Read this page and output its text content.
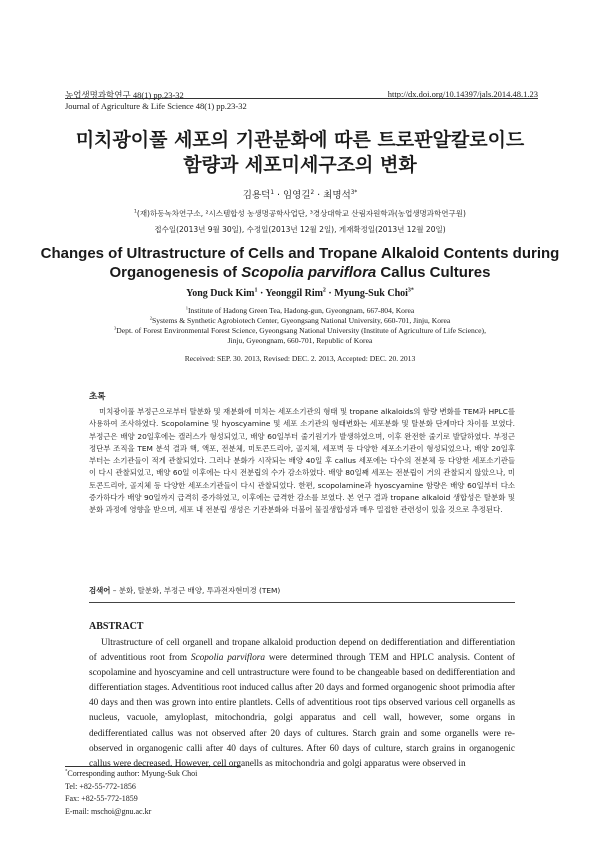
농업생명과학연구 48(1) pp.23-32	http://dx.doi.org/10.14397/jals.2014.48.1.23
Journal of Agriculture & Life Science 48(1) pp.23-32
미치광이풀 세포의 기관분화에 따른 트로판알칼로이드
함량과 세포미세구조의 변화
김용덕$^1$ · 임영길$^2$ · 최명석$^{3*}$
$^1$(재)하동녹차연구소, ²시스템합성 농생명공학사업단, ³경상대학교 산림자원학과(농업생명과학연구원)
접수일(2013년 9월 30일), 수정일(2013년 12월 2일), 게재확정일(2013년 12월 20일)
Changes of Ultrastructure of Cells and Tropane Alkaloid Contents during
Organogenesis of Scopolia parviflora Callus Cultures
Yong Duck Kim$^1$ · Yeonggil Rim$^2$ · Myung-Suk Choi$^{3*}$
$^1$Institute of Hadong Green Tea, Hadong-gun, Gyeongnam, 667-804, Korea
$^2$Systems & Synthetic Agrobiotech Center, Gyeongsang National University, 660-701, Jinju, Korea
$^3$Dept. of Forest Environmental Forest Science, Gyeongsang National University (Institute of Agriculture of Life Science),
Jinju, Gyeongnam, 660-701, Republic of Korea
Received: SEP. 30. 2013, Revised: DEC. 2. 2013, Accepted: DEC. 20. 2013
초록
미치광이풀 부정근으로부터 탈분화 및 재분화에 미치는 세포소기관의 형태 및 tropane alkaloids의 함량 변화를 TEM과 HPLC를 사용하여 조사하였다. Scopolamine 및 hyoscyamine 및 세포 소기관의 형태변화는 세포분화 및 탈분화 단계마다 차이를 보였다. 부정근은 배양 20일후에는 캘러스가 형성되었고, 배양 60일부터 줄기원기가 발생하였으며, 이후 완전한 줄기로 발달하였다. 부정근 정단부 조직을 TEM 분석 결과 핵, 액포, 전분체, 미토콘드리아, 골지체, 세포벽 등 다양한 세포소기관이 형성되었으나, 배양 20일후부터는 소기관들이 적게 관찰되었다. 그러나 분화가 시작되는 배양 40일 후 callus 세포에는 다수의 전분체 등 다양한 세포소기관들이 다시 관찰되었고, 배양 60일 이후에는 다시 전분립의 수가 감소하였다. 배양 80일째 세포는 전분립이 거의 관찰되지 않았으나, 미토콘드리아, 골지체 등 다양한 세포소기관들이 다시 관찰되었다. 한편, scopolamine과 hyoscyamine 함량은 배양 60일부터 다소 증가하다가 배양 90일까지 급격히 증가하였고, 이후에는 급격한 감소를 보였다. 본 연구 결과 tropane alkaloid 생합성은 탈분화 및 분화 과정에 영향을 받으며, 세포 내 전분립 생성은 기관분화와 더불어 물질생합성과 매우 밀접한 관련성이 있을 것으로 추정된다.
검색어 – 분화, 탈분화, 부정근 배양, 투과전자현미경 (TEM)
ABSTRACT
Ultrastructure of cell organell and tropane alkaloid production depend on dedifferentiation and differentiation of adventitious root from Scopolia parviflora were determined through TEM and HPLC analysis. Content of scopolamine and hyoscyamine and cell untrastructure were found to be changeable based on dedifferentiation and differentiation stages. Adventitious root induced callus after 20 days and formed organogenic shoot primodia after 40 days and then was grown into entire plantlets. Cells of adventitious root tips observed various cell organells as nucleus, vacuole, amyloplast, mitochondria, golgi apparatus and cell wall, however, some organs in dedifferentiated callus was not observed after 20 days of cultures. Starch grain and some organells were re-observed in organogenic calli after 40 days of cultures. After 60 days of culture, starch grains in organogenic callus were decreased. However, cell organells as mitochondria and golgi apparatus were observed in
*Corresponding author: Myung-Suk Choi
Tel: +82-55-772-1856
Fax: +82-55-772-1859
E-mail: mschoi@gnu.ac.kr
